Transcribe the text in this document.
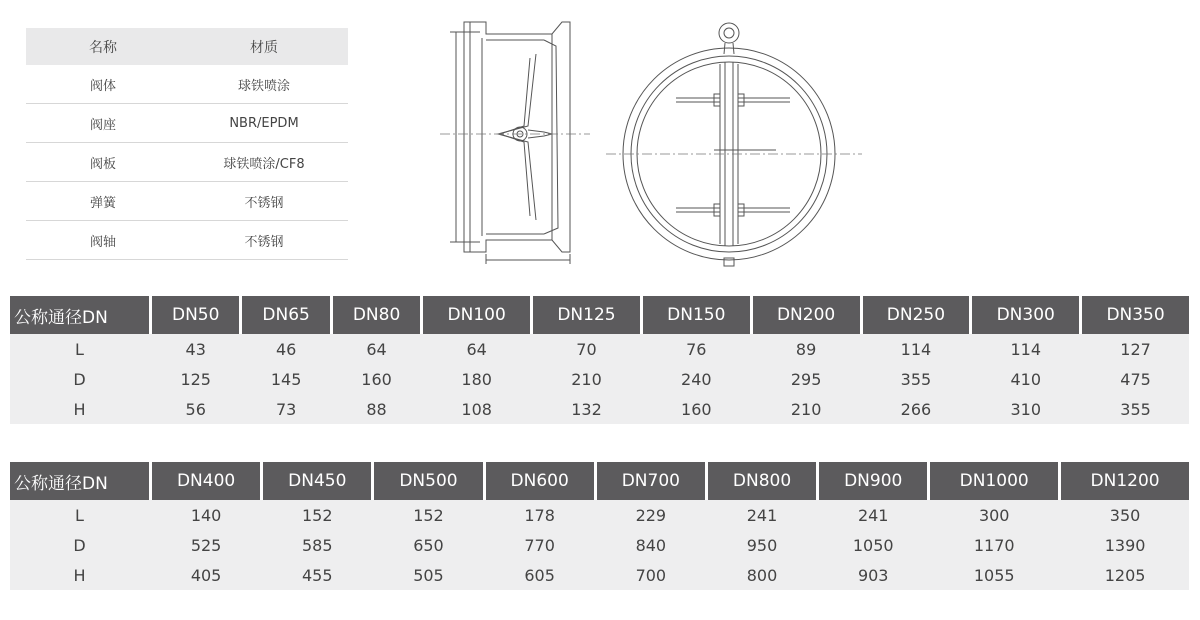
名称	材质
阀体	球铁喷涂
阀座	NBR/EPDM
阀板	球铁喷涂/CF8
弹簧	不锈钢
阀轴	不锈钢
公称通径DN	DN50	DN65	DN80	DN100	DN125	DN150	DN200	DN250	DN300	DN350
L	43	46	64	64	70	76	89	114	114	127
D	125	145	160	180	210	240	295	355	410	475
H	56	73	88	108	132	160	210	266	310	355
公称通径DN	DN400	DN450	DN500	DN600	DN700	DN800	DN900	DN1000	DN1200
L	140	152	152	178	229	241	241	300	350
D	525	585	650	770	840	950	1050	1170	1390
H	405	455	505	605	700	800	903	1055	1205
